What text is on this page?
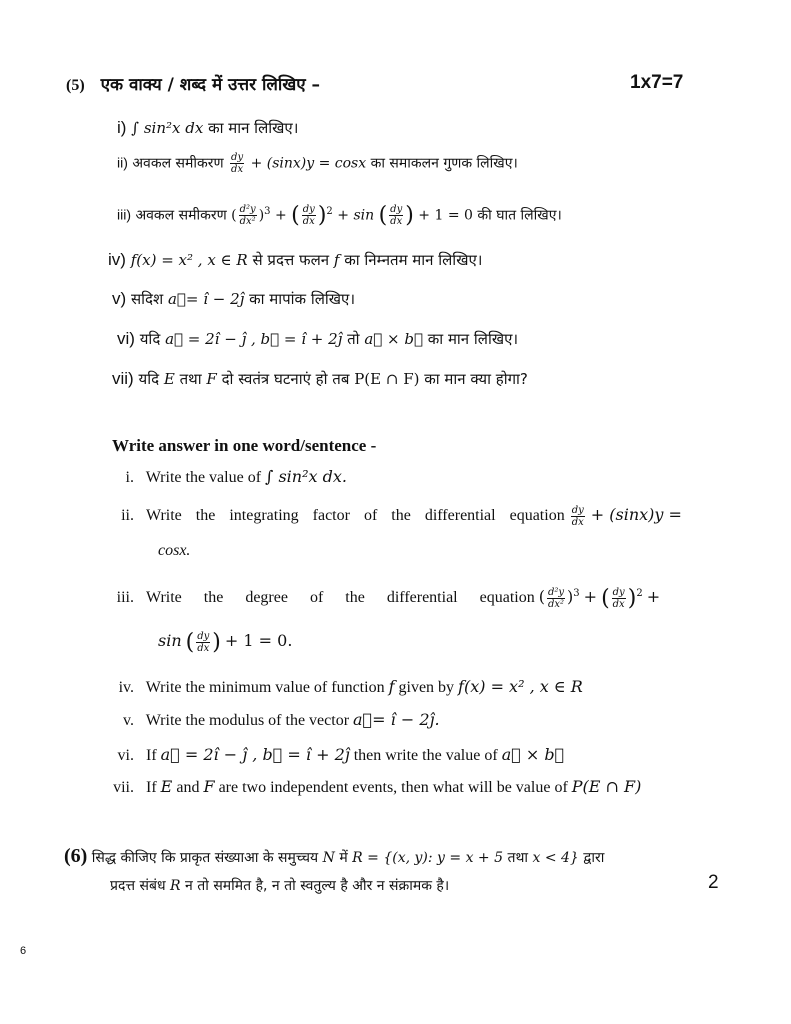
(5) एक वाक्य / शब्द में उत्तर लिखिए –	1x7=7
i) ∫ sin²x dx का मान लिखिए।
ii) अवकल समीकरण $\frac{dy}{dx} + (\sin x)y = \cos x$ का समाकलन गुणक लिखिए।
iii) अवकल समीकरण ( $\frac{\text{d²y}}{\text{dx²}} )^3$ + ( $\frac{dy}{dx} )^2 + \sin$ ( $\frac{dy}{dx}$ ) + 1 = 0 की घात लिखिए।
iv) f(x) = x² , x ∈ R से प्रदत्त फलन f का निम्नतम मान लिखिए।
v) सदिश a⃗= î − 2ĵ का मापांक लिखिए।
vi) यदि a⃗ = 2î − ĵ , b⃗ = î + 2ĵ तो a⃗ × b⃗ का मान लिखिए।
vii) यदि E तथा F दो स्वतंत्र घटनाएं हो तब P(E ∩ F) का मान क्या होगा?
Write answer in one word/sentence -
i. Write the value of ∫ sin²x dx.
ii. Write the integrating factor of the differential equation $\frac{dy}{dx} + (\sin x)y$ =
cosx.
iii. Write the degree of the differential equation ( $\frac{\text{d²y}}{\text{dx²}} )^3$ + ( $\frac{dy}{dx} )^2$ +
sin ( $\frac{dy}{dx}$ ) + 1 = 0.
iv. Write the minimum value of function f given by f(x) = x² , x ∈ R
v. Write the modulus of the vector a⃗= î − 2ĵ.
vi. If a⃗ = 2î − ĵ , b⃗ = î + 2ĵ then write the value of a⃗ × b⃗
vii. If E and F are two independent events, then what will be value of P(E ∩ F)
(6) सिद्ध कीजिए कि प्राकृत संख्याआ के समुच्चय N में R = {(x, y): y = x + 5 तथा x < 4} द्वारा
प्रदत्त संबंध R न तो सममित है, न तो स्वतुल्य है और न संक्रामक है।	2
6
